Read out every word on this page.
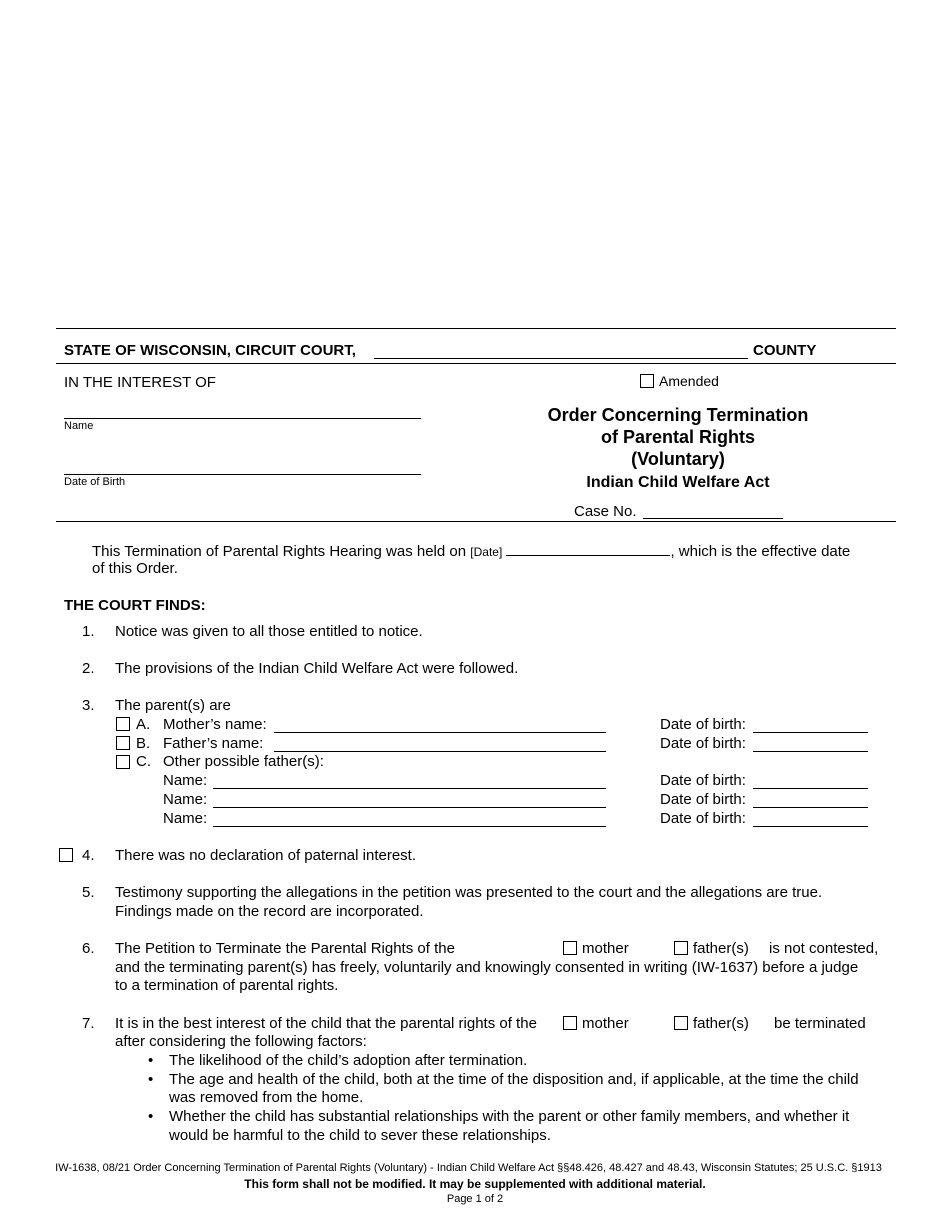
STATE OF WISCONSIN, CIRCUIT COURT,	COUNTY
IN THE INTEREST OF	Amended
Name
Date of Birth
Order Concerning Termination
of Parental Rights
(Voluntary)
Indian Child Welfare Act
Case No.
This Termination of Parental Rights Hearing was held on [Date]	, which is the effective date
of this Order.
THE COURT FINDS:
1. Notice was given to all those entitled to notice.
2. The provisions of the Indian Child Welfare Act were followed.
3. The parent(s) are
A. Mother’s name:	Date of birth:
B. Father’s name:	Date of birth:
C. Other possible father(s):
Name:	Date of birth:
Name:	Date of birth:
Name:	Date of birth:
4. There was no declaration of paternal interest.
5. Testimony supporting the allegations in the petition was presented to the court and the allegations are true.
Findings made on the record are incorporated.
6. The Petition to Terminate the Parental Rights of the	mother	father(s) is not contested,
and the terminating parent(s) has freely, voluntarily and knowingly consented in writing (IW-1637) before a judge
to a termination of parental rights.
7. It is in the best interest of the child that the parental rights of the	mother	father(s) be terminated
after considering the following factors:
• The likelihood of the child’s adoption after termination.
• The age and health of the child, both at the time of the disposition and, if applicable, at the time the child
was removed from the home.
• Whether the child has substantial relationships with the parent or other family members, and whether it
would be harmful to the child to sever these relationships.
IW-1638, 08/21 Order Concerning Termination of Parental Rights (Voluntary) - Indian Child Welfare Act §§48.426, 48.427 and 48.43, Wisconsin Statutes; 25 U.S.C. §1913
This form shall not be modified. It may be supplemented with additional material.
Page 1 of 2
